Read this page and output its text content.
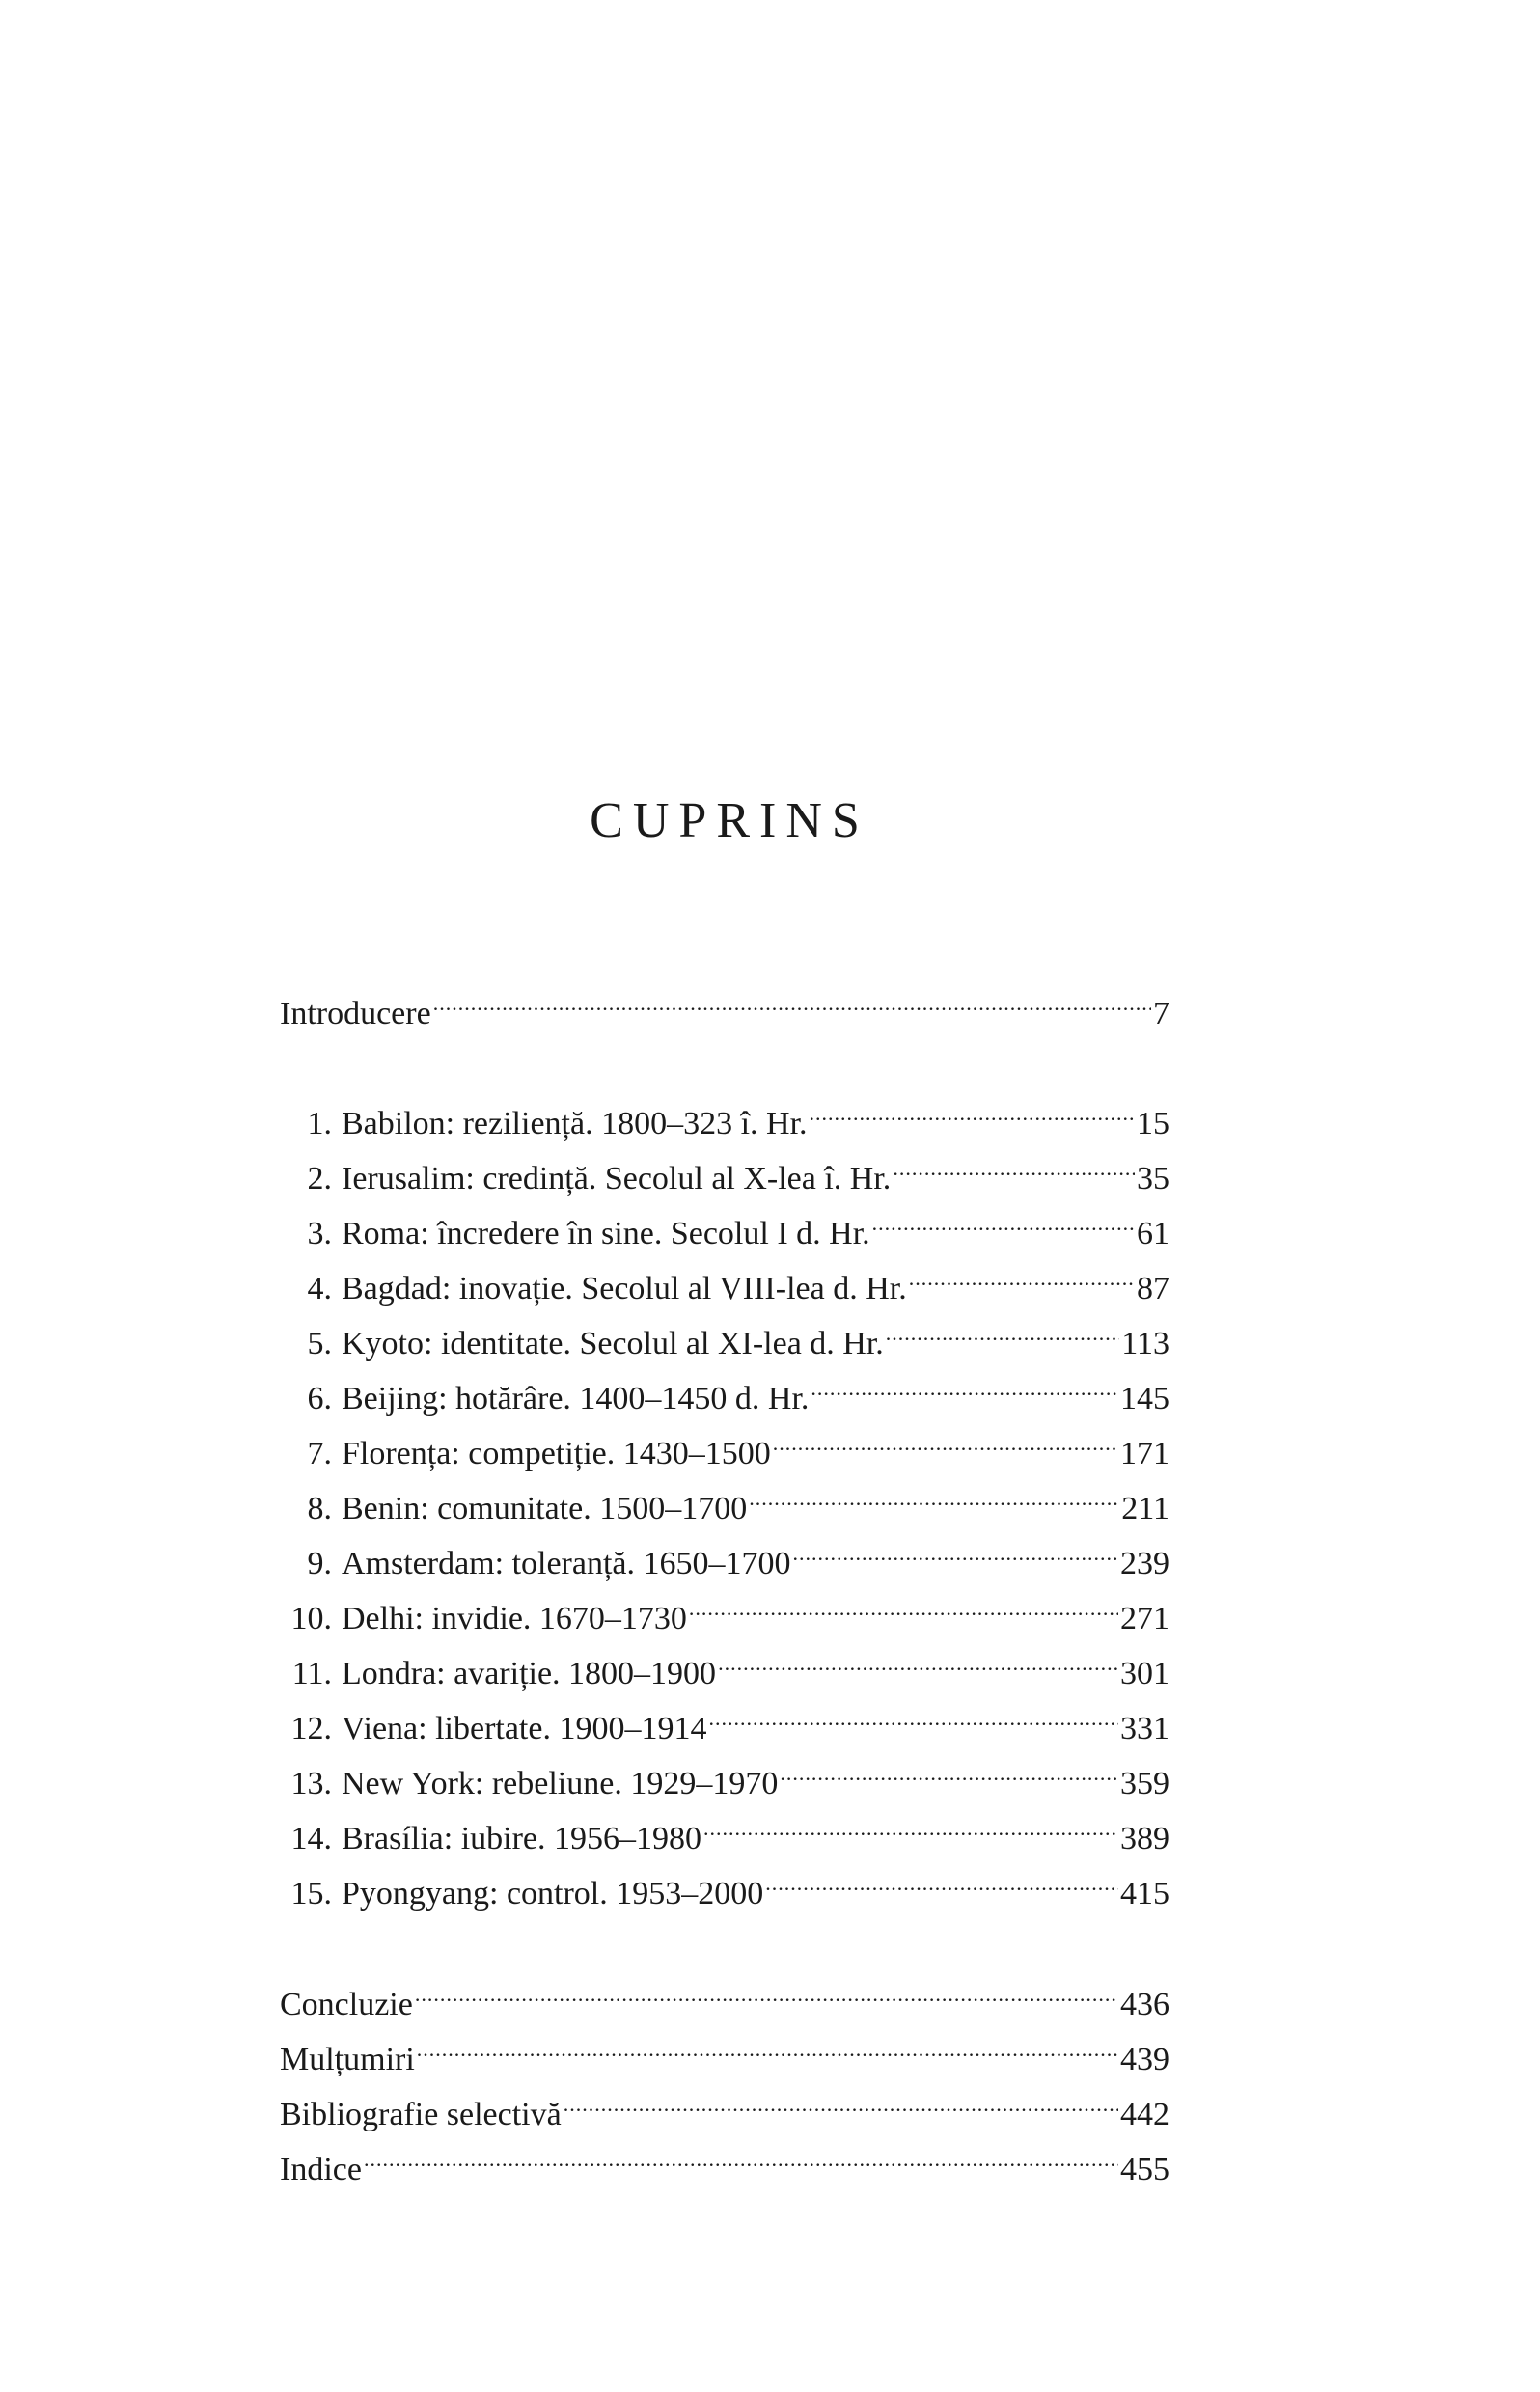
CUPRINS
Introducere .....	7
1. Babilon: reziliență. 1800–323 î. Hr. .....	15
2. Ierusalim: credință. Secolul al X-lea î. Hr. .....	35
3. Roma: încredere în sine. Secolul I d. Hr. .....	61
4. Bagdad: inovație. Secolul al VIII-lea d. Hr. .....	87
5. Kyoto: identitate. Secolul al XI-lea d. Hr. .....	113
6. Beijing: hotărâre. 1400–1450 d. Hr. .....	145
7. Florența: competiție. 1430–1500 .....	171
8. Benin: comunitate. 1500–1700 .....	211
9. Amsterdam: toleranță. 1650–1700 .....	239
10. Delhi: invidie. 1670–1730 .....	271
11. Londra: avariție. 1800–1900 .....	301
12. Viena: libertate. 1900–1914 .....	331
13. New York: rebeliune. 1929–1970 .....	359
14. Brasília: iubire. 1956–1980 .....	389
15. Pyongyang: control. 1953–2000 .....	415
Concluzie .....	436
Mulțumiri .....	439
Bibliografie selectivă .....	442
Indice .....	455
